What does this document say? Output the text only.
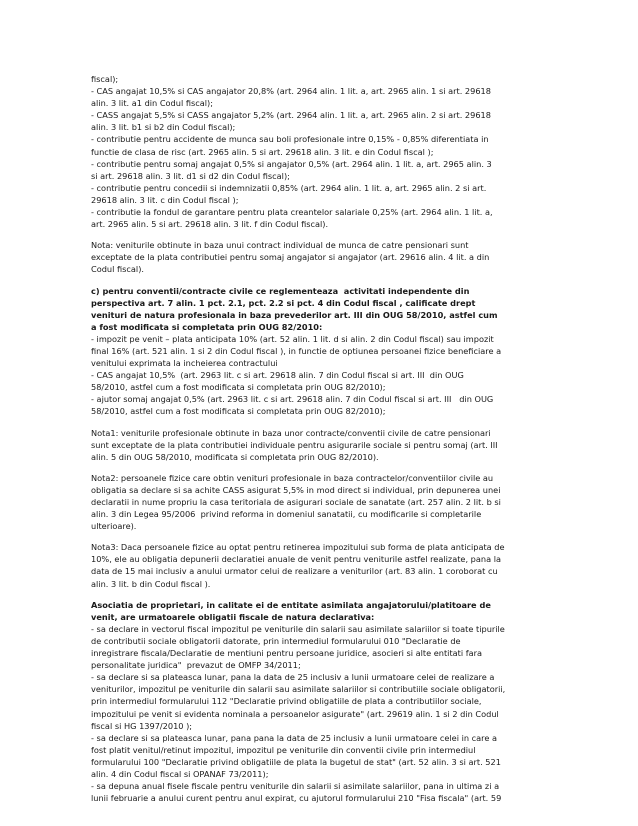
fiscal);
- CAS angajat 10,5% si CAS angajator 20,8% (art. 2964 alin. 1 lit. a, art. 2965 alin. 1 si art. 29618
alin. 3 lit. a1 din Codul fiscal);
- CASS angajat 5,5% si CASS angajator 5,2% (art. 2964 alin. 1 lit. a, art. 2965 alin. 2 si art. 29618
alin. 3 lit. b1 si b2 din Codul fiscal);
- contributie pentru accidente de munca sau boli profesionale intre 0,15% - 0,85% diferentiata in
functie de clasa de risc (art. 2965 alin. 5 si art. 29618 alin. 3 lit. e din Codul fiscal );
- contributie pentru somaj angajat 0,5% si angajator 0,5% (art. 2964 alin. 1 lit. a, art. 2965 alin. 3
si art. 29618 alin. 3 lit. d1 si d2 din Codul fiscal);
- contributie pentru concedii si indemnizatii 0,85% (art. 2964 alin. 1 lit. a, art. 2965 alin. 2 si art.
29618 alin. 3 lit. c din Codul fiscal );
- contributie la fondul de garantare pentru plata creantelor salariale 0,25% (art. 2964 alin. 1 lit. a,
art. 2965 alin. 5 si art. 29618 alin. 3 lit. f din Codul fiscal).
Nota: veniturile obtinute in baza unui contract individual de munca de catre pensionari sunt
exceptate de la plata contributiei pentru somaj angajator si angajator (art. 29616 alin. 4 lit. a din
Codul fiscal).
c) pentru conventii/contracte civile ce reglementeaza  activitati independente din
perspectiva art. 7 alin. 1 pct. 2.1, pct. 2.2 si pct. 4 din Codul fiscal , calificate drept
venituri de natura profesionala in baza prevederilor art. III din OUG 58/2010, astfel cum
a fost modificata si completata prin OUG 82/2010:
- impozit pe venit – plata anticipata 10% (art. 52 alin. 1 lit. d si alin. 2 din Codul fiscal) sau impozit
final 16% (art. 521 alin. 1 si 2 din Codul fiscal ), in functie de optiunea persoanei fizice beneficiare a
venitului exprimata la incheierea contractului
- CAS angajat 10,5%  (art. 2963 lit. c si art. 29618 alin. 7 din Codul fiscal si art. III  din OUG
58/2010, astfel cum a fost modificata si completata prin OUG 82/2010);
- ajutor somaj angajat 0,5% (art. 2963 lit. c si art. 29618 alin. 7 din Codul fiscal si art. III   din OUG
58/2010, astfel cum a fost modificata si completata prin OUG 82/2010);
Nota1: veniturile profesionale obtinute in baza unor contracte/conventii civile de catre pensionari
sunt exceptate de la plata contributiei individuale pentru asigurarile sociale si pentru somaj (art. III
alin. 5 din OUG 58/2010, modificata si completata prin OUG 82/2010).
Nota2: persoanele fizice care obtin venituri profesionale in baza contractelor/conventiilor civile au
obligatia sa declare si sa achite CASS asigurat 5,5% in mod direct si individual, prin depunerea unei
declaratii in nume propriu la casa teritoriala de asigurari sociale de sanatate (art. 257 alin. 2 lit. b si
alin. 3 din Legea 95/2006  privind reforma in domeniul sanatatii, cu modificarile si completarile
ulterioare).
Nota3: Daca persoanele fizice au optat pentru retinerea impozitului sub forma de plata anticipata de
10%, ele au obligatia depunerii declaratiei anuale de venit pentru veniturile astfel realizate, pana la
data de 15 mai inclusiv a anului urmator celui de realizare a veniturilor (art. 83 alin. 1 coroborat cu
alin. 3 lit. b din Codul fiscal ).
Asociatia de proprietari, in calitate ei de entitate asimilata angajatorului/platitoare de
venit, are urmatoarele obligatii fiscale de natura declarativa:
- sa declare in vectorul fiscal impozitul pe veniturile din salarii sau asimilate salariilor si toate tipurile
de contributii sociale obligatorii datorate, prin intermediul formularului 010 "Declaratie de
inregistrare fiscala/Declaratie de mentiuni pentru persoane juridice, asocieri si alte entitati fara
personalitate juridica"  prevazut de OMFP 34/2011;
- sa declare si sa plateasca lunar, pana la data de 25 inclusiv a lunii urmatoare celei de realizare a
veniturilor, impozitul pe veniturile din salarii sau asimilate salariilor si contributiile sociale obligatorii,
prin intermediul formularului 112 "Declaratie privind obligatiile de plata a contributiilor sociale,
impozitului pe venit si evidenta nominala a persoanelor asigurate" (art. 29619 alin. 1 si 2 din Codul
fiscal si HG 1397/2010 );
- sa declare si sa plateasca lunar, pana pana la data de 25 inclusiv a lunii urmatoare celei in care a
fost platit venitul/retinut impozitul, impozitul pe veniturile din conventii civile prin intermediul
formularului 100 "Declaratie privind obligatiile de plata la bugetul de stat" (art. 52 alin. 3 si art. 521
alin. 4 din Codul fiscal si OPANAF 73/2011);
- sa depuna anual fisele fiscale pentru veniturile din salarii si asimilate salariilor, pana in ultima zi a
lunii februarie a anului curent pentru anul expirat, cu ajutorul formularului 210 "Fisa fiscala" (art. 59
